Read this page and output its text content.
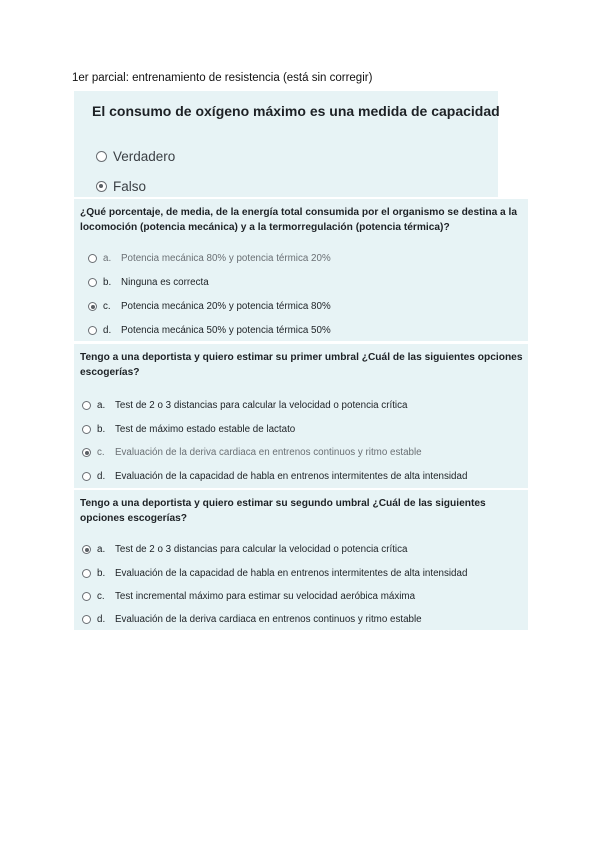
1er parcial: entrenamiento de resistencia (está sin corregir)
El consumo de oxígeno máximo es una medida de capacidad
Verdadero
Falso
¿Qué porcentaje, de media, de la energía total consumida por el organismo se destina a la locomoción (potencia mecánica) y a la termorregulación (potencia térmica)?
a.	Potencia mecánica 80% y potencia térmica 20%
b.	Ninguna es correcta
c.	Potencia mecánica 20% y potencia térmica 80%
d.	Potencia mecánica 50% y potencia térmica 50%
Tengo a una deportista y quiero estimar su primer umbral ¿Cuál de las siguientes opciones escogerías?
a.	Test de 2 o 3 distancias para calcular la velocidad o potencia crítica
b.	Test de máximo estado estable de lactato
c.	Evaluación de la deriva cardiaca en entrenos continuos y ritmo estable
d.	Evaluación de la capacidad de habla en entrenos intermitentes de alta intensidad
Tengo a una deportista y quiero estimar su segundo umbral ¿Cuál de las siguientes opciones escogerías?
a.	Test de 2 o 3 distancias para calcular la velocidad o potencia crítica
b.	Evaluación de la capacidad de habla en entrenos intermitentes de alta intensidad
c.	Test incremental máximo para estimar su velocidad aeróbica máxima
d.	Evaluación de la deriva cardiaca en entrenos continuos y ritmo estable
